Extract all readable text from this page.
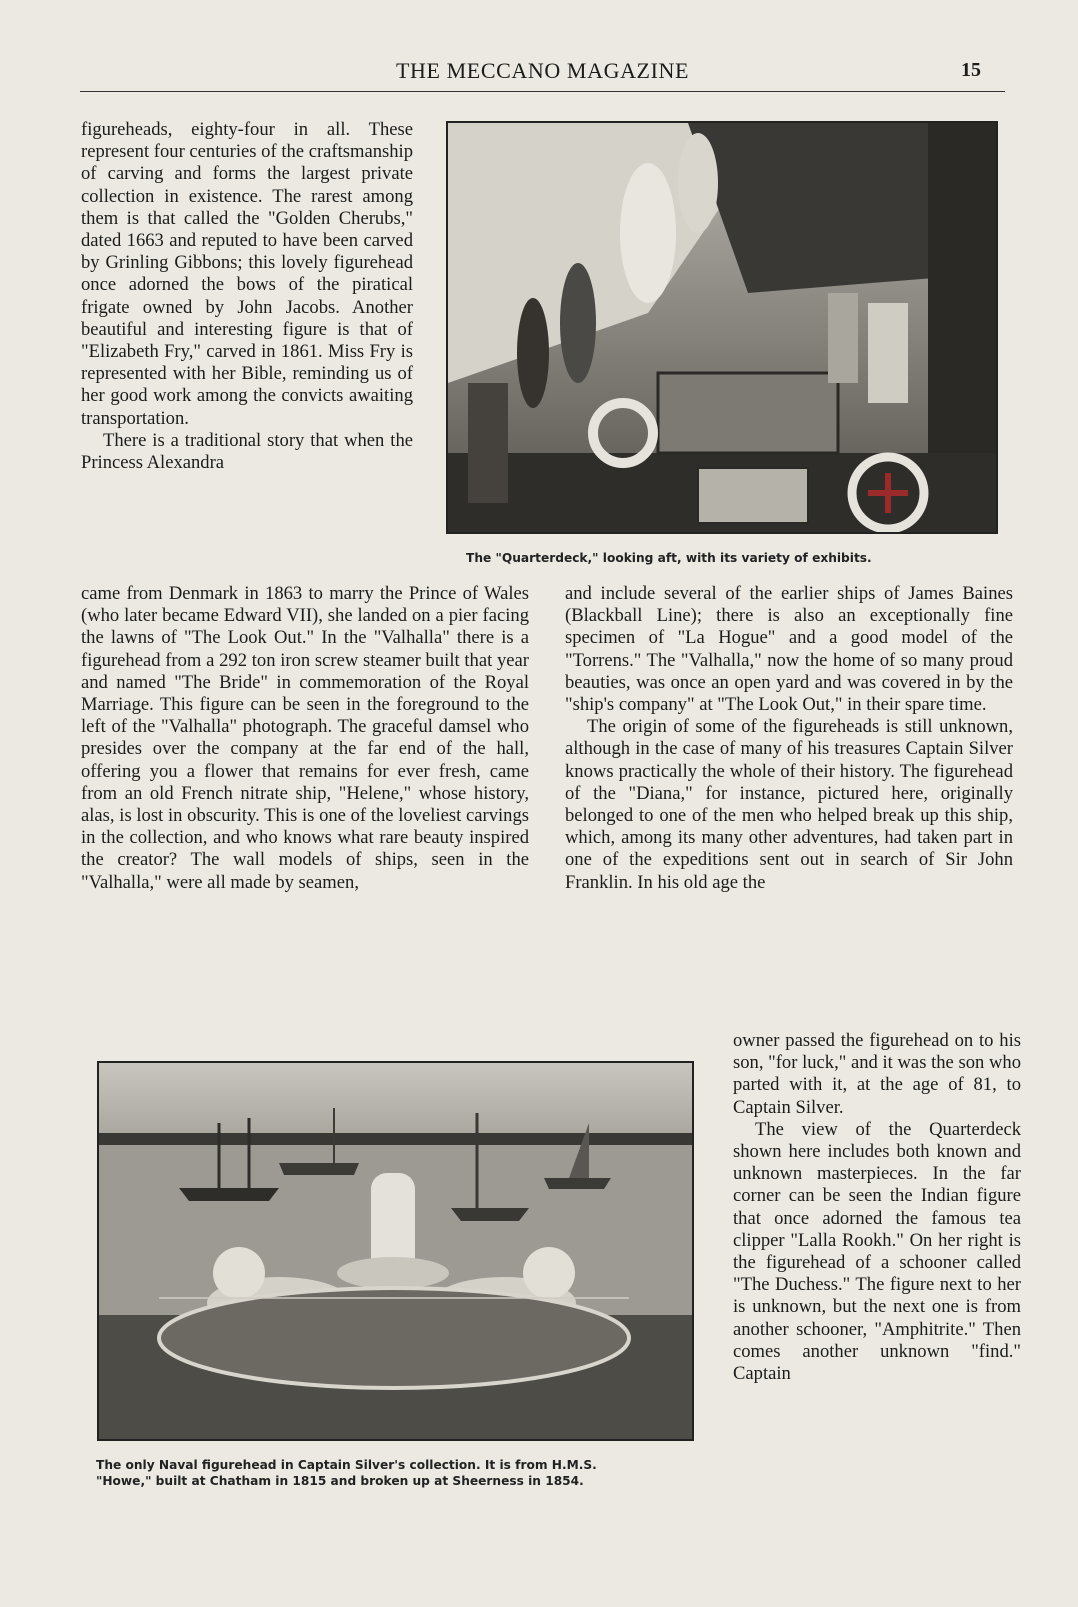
THE MECCANO MAGAZINE	15
The "Quarterdeck," looking aft, with its variety of exhibits.

figureheads, eighty-four in all. These represent four centuries of the craftsmanship of carving and forms the largest private collection in existence. The rarest among them is that called the "Golden Cherubs," dated 1663 and reputed to have been carved by Grinling Gibbons; this lovely figurehead once adorned the bows of the piratical frigate owned by John Jacobs. Another beautiful and interesting figure is that of "Elizabeth Fry," carved in 1861. Miss Fry is represented with her Bible, reminding us of her good work among the convicts awaiting transportation.

There is a traditional story that when the Princess Alexandra

came from Denmark in 1863 to marry the Prince of Wales (who later became Edward VII), she landed on a pier facing the lawns of "The Look Out." In the "Valhalla" there is a figurehead from a 292 ton iron screw steamer built that year and named "The Bride" in commemoration of the Royal Marriage. This figure can be seen in the foreground to the left of the "Valhalla" photograph. The graceful damsel who presides over the company at the far end of the hall, offering you a flower that remains for ever fresh, came from an old French nitrate ship, "Helene," whose history, alas, is lost in obscurity. This is one of the loveliest carvings in the collection, and who knows what rare beauty inspired the creator? The wall models of ships, seen in the "Valhalla," were all made by seamen,

and include several of the earlier ships of James Baines (Blackball Line); there is also an exceptionally fine specimen of "La Hogue" and a good model of the "Torrens." The "Valhalla," now the home of so many proud beauties, was once an open yard and was covered in by the "ship's company" at "The Look Out," in their spare time.

The origin of some of the figureheads is still unknown, although in the case of many of his treasures Captain Silver knows practically the whole of their history. The figurehead of the "Diana," for instance, pictured here, originally belonged to one of the men who helped break up this ship, which, among its many other adventures, had taken part in one of the expeditions sent out in search of Sir John Franklin. In his old age the

The only Naval figurehead in Captain Silver's collection. It is from H.M.S.
"Howe," built at Chatham in 1815 and broken up at Sheerness in 1854.

owner passed the figurehead on to his son, "for luck," and it was the son who parted with it, at the age of 81, to Captain Silver.

The view of the Quarterdeck shown here includes both known and unknown masterpieces. In the far corner can be seen the Indian figure that once adorned the famous tea clipper "Lalla Rookh." On her right is the figurehead of a schooner called "The Duchess." The figure next to her is unknown, but the next one is from another schooner, "Amphitrite." Then comes another unknown "find." Captain
